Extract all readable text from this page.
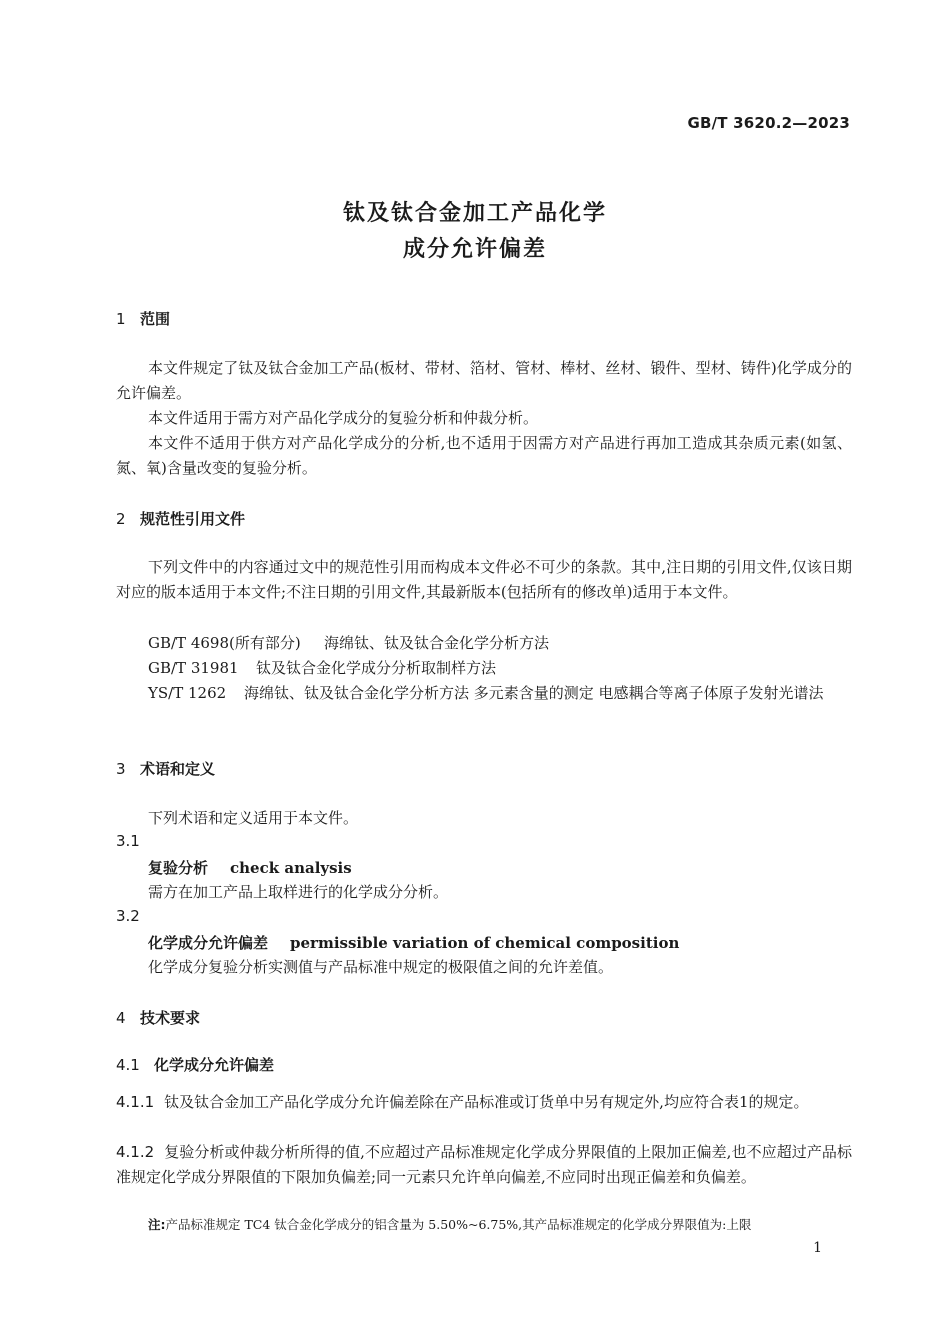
GB/T 3620.2—2023
钛及钛合金加工产品化学
成分允许偏差
1 范围
本文件规定了钛及钛合金加工产品(板材、带材、箔材、管材、棒材、丝材、锻件、型材、铸件)化学成分的允许偏差。
本文件适用于需方对产品化学成分的复验分析和仲裁分析。
本文件不适用于供方对产品化学成分的分析,也不适用于因需方对产品进行再加工造成其杂质元素(如氢、氮、氧)含量改变的复验分析。
2 规范性引用文件
下列文件中的内容通过文中的规范性引用而构成本文件必不可少的条款。其中,注日期的引用文件,仅该日期对应的版本适用于本文件;不注日期的引用文件,其最新版本(包括所有的修改单)适用于本文件。
GB/T 4698(所有部分) 海绵钛、钛及钛合金化学分析方法
GB/T 31981 钛及钛合金化学成分分析取制样方法
YS/T 1262 海绵钛、钛及钛合金化学分析方法 多元素含量的测定 电感耦合等离子体原子发射光谱法
3 术语和定义
下列术语和定义适用于本文件。
3.1
复验分析 check analysis
需方在加工产品上取样进行的化学成分分析。
3.2
化学成分允许偏差 permissible variation of chemical composition
化学成分复验分析实测值与产品标准中规定的极限值之间的允许差值。
4 技术要求
4.1 化学成分允许偏差
4.1.1 钛及钛合金加工产品化学成分允许偏差除在产品标准或订货单中另有规定外,均应符合表1的规定。
4.1.2 复验分析或仲裁分析所得的值,不应超过产品标准规定化学成分界限值的上限加正偏差,也不应超过产品标准规定化学成分界限值的下限加负偏差;同一元素只允许单向偏差,不应同时出现正偏差和负偏差。
注:产品标准规定 TC4 钛合金化学成分的铝含量为 5.50%~6.75%,其产品标准规定的化学成分界限值为:上限
1
